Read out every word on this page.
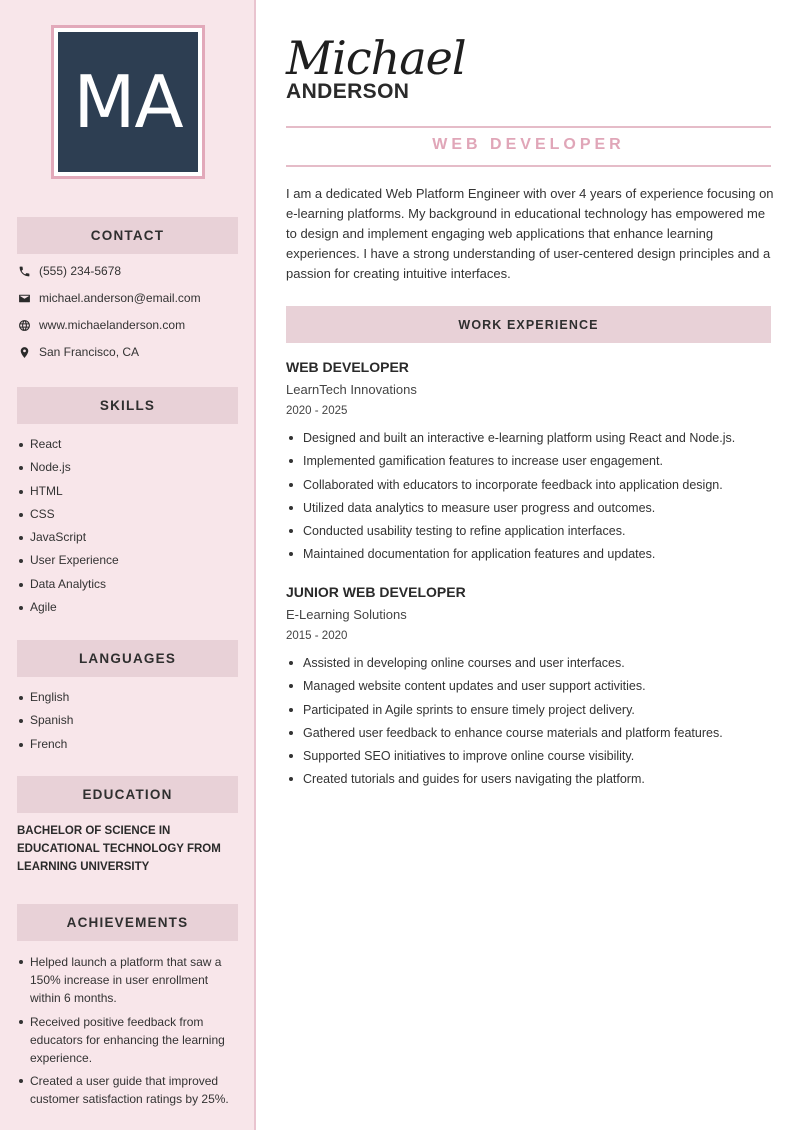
MA
CONTACT
(555) 234-5678
michael.anderson@email.com
www.michaelanderson.com
San Francisco, CA
SKILLS
React
Node.js
HTML
CSS
JavaScript
User Experience
Data Analytics
Agile
LANGUAGES
English
Spanish
French
EDUCATION
BACHELOR OF SCIENCE IN EDUCATIONAL TECHNOLOGY FROM LEARNING UNIVERSITY
ACHIEVEMENTS
Helped launch a platform that saw a 150% increase in user enrollment within 6 months.
Received positive feedback from educators for enhancing the learning experience.
Created a user guide that improved customer satisfaction ratings by 25%.
Michael
ANDERSON
WEB DEVELOPER

I am a dedicated Web Platform Engineer with over 4 years of experience focusing on e-learning platforms. My background in educational technology has empowered me to design and implement engaging web applications that enhance learning experiences. I have a strong understanding of user-centered design principles and a passion for creating intuitive interfaces.

WORK EXPERIENCE
WEB DEVELOPER
LearnTech Innovations
2020 - 2025
Designed and built an interactive e-learning platform using React and Node.js.
Implemented gamification features to increase user engagement.
Collaborated with educators to incorporate feedback into application design.
Utilized data analytics to measure user progress and outcomes.
Conducted usability testing to refine application interfaces.
Maintained documentation for application features and updates.
JUNIOR WEB DEVELOPER
E-Learning Solutions
2015 - 2020
Assisted in developing online courses and user interfaces.
Managed website content updates and user support activities.
Participated in Agile sprints to ensure timely project delivery.
Gathered user feedback to enhance course materials and platform features.
Supported SEO initiatives to improve online course visibility.
Created tutorials and guides for users navigating the platform.
